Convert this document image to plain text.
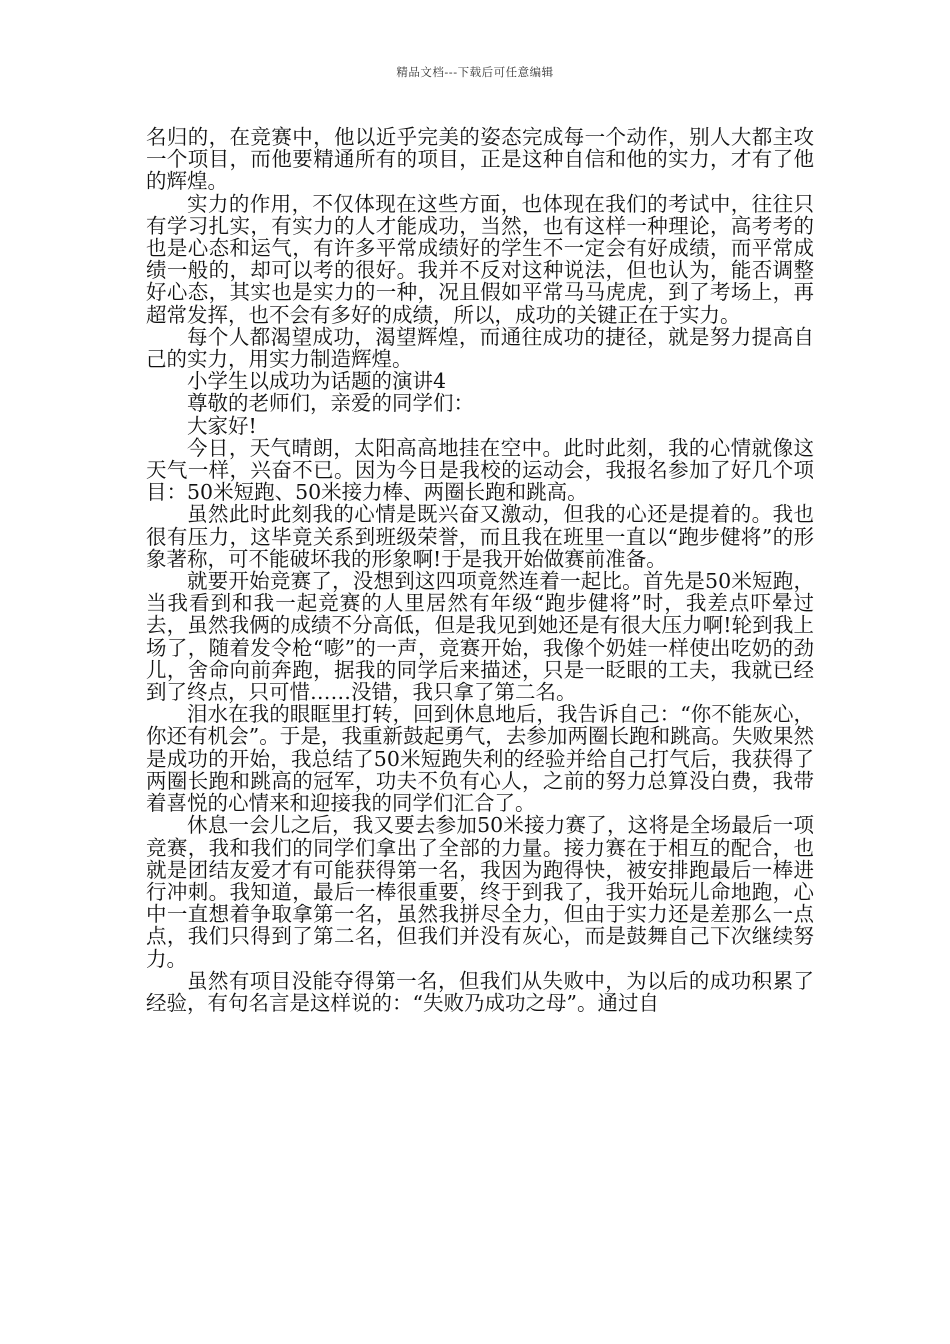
精品文档---下载后可任意编辑

名归的，在竞赛中，他以近乎完美的姿态完成每一个动作，别人大都主攻一个项目，而他要精通所有的项目，正是这种自信和他的实力，才有了他的辉煌。

实力的作用，不仅体现在这些方面，也体现在我们的考试中，往往只有学习扎实，有实力的人才能成功，当然，也有这样一种理论，高考考的也是心态和运气，有许多平常成绩好的学生不一定会有好成绩，而平常成绩一般的，却可以考的很好。我并不反对这种说法，但也认为，能否调整好心态，其实也是实力的一种，况且假如平常马马虎虎，到了考场上，再超常发挥，也不会有多好的成绩，所以，成功的关键正在于实力。

每个人都渴望成功，渴望辉煌，而通往成功的捷径，就是努力提高自己的实力，用实力制造辉煌。

小学生以成功为话题的演讲4

尊敬的老师们，亲爱的同学们：

大家好!

今日，天气晴朗，太阳高高地挂在空中。此时此刻，我的心情就像这天气一样，兴奋不已。因为今日是我校的运动会，我报名参加了好几个项目：50米短跑、50米接力棒、两圈长跑和跳高。

虽然此时此刻我的心情是既兴奋又激动，但我的心还是提着的。我也很有压力，这毕竟关系到班级荣誉，而且我在班里一直以“跑步健将”的形象著称，可不能破坏我的形象啊!于是我开始做赛前准备。

就要开始竞赛了，没想到这四项竟然连着一起比。首先是50米短跑，当我看到和我一起竞赛的人里居然有年级“跑步健将”时，我差点吓晕过去，虽然我俩的成绩不分高低，但是我见到她还是有很大压力啊!轮到我上场了，随着发令枪“嘭”的一声，竞赛开始，我像个奶娃一样使出吃奶的劲儿，舍命向前奔跑，据我的同学后来描述，只是一眨眼的工夫，我就已经到了终点，只可惜……没错，我只拿了第二名。

泪水在我的眼眶里打转，回到休息地后，我告诉自己：“你不能灰心，你还有机会”。于是，我重新鼓起勇气，去参加两圈长跑和跳高。失败果然是成功的开始，我总结了50米短跑失利的经验并给自己打气后，我获得了两圈长跑和跳高的冠军，功夫不负有心人，之前的努力总算没白费，我带着喜悦的心情来和迎接我的同学们汇合了。

休息一会儿之后，我又要去参加50米接力赛了，这将是全场最后一项竞赛，我和我们的同学们拿出了全部的力量。接力赛在于相互的配合，也就是团结友爱才有可能获得第一名，我因为跑得快，被安排跑最后一棒进行冲刺。我知道，最后一棒很重要，终于到我了，我开始玩儿命地跑，心中一直想着争取拿第一名，虽然我拼尽全力，但由于实力还是差那么一点点，我们只得到了第二名，但我们并没有灰心，而是鼓舞自己下次继续努力。

虽然有项目没能夺得第一名，但我们从失败中，为以后的成功积累了经验，有句名言是这样说的：“失败乃成功之母”。通过自
